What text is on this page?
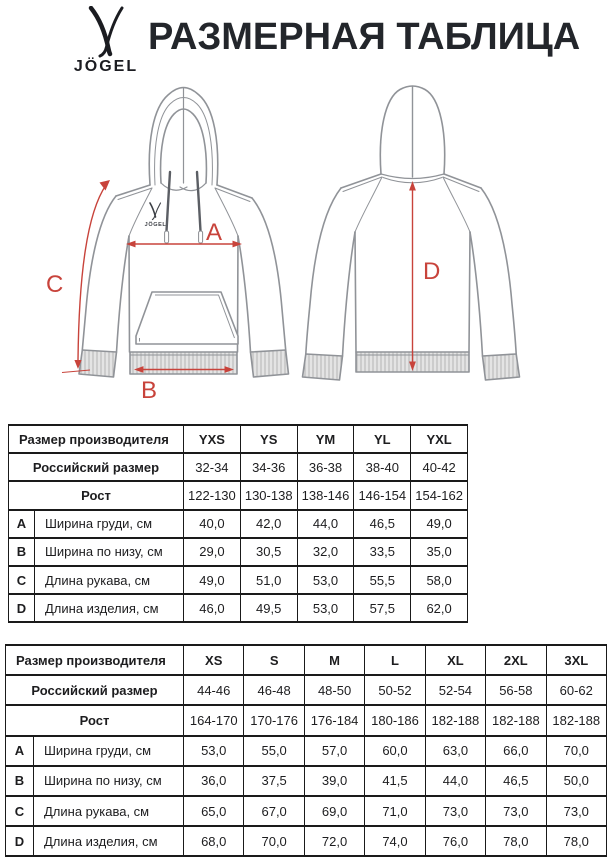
JÖGEL
РАЗМЕРНАЯ ТАБЛИЦА
JÖGEL A
B
C	D
Размер производителя		YXS	YS	YM	YL	YXL
Российский размер		32-34	34-36	36-38	38-40	40-42
Рост		122-130	130-138	138-146	146-154	154-162
A	Ширина груди, см	40,0	42,0	44,0	46,5	49,0
B	Ширина по низу, см	29,0	30,5	32,0	33,5	35,0
C	Длина рукава, см	49,0	51,0	53,0	55,5	58,0
D	Длина изделия, см	46,0	49,5	53,0	57,5	62,0
Размер производителя		XS	S	M	L	XL	2XL	3XL
Российский размер		44-46	46-48	48-50	50-52	52-54	56-58	60-62
Рост		164-170	170-176	176-184	180-186	182-188	182-188	182-188
A	Ширина груди, см	53,0	55,0	57,0	60,0	63,0	66,0	70,0
B	Ширина по низу, см	36,0	37,5	39,0	41,5	44,0	46,5	50,0
C	Длина рукава, см	65,0	67,0	69,0	71,0	73,0	73,0	73,0
D	Длина изделия, см	68,0	70,0	72,0	74,0	76,0	78,0	78,0
